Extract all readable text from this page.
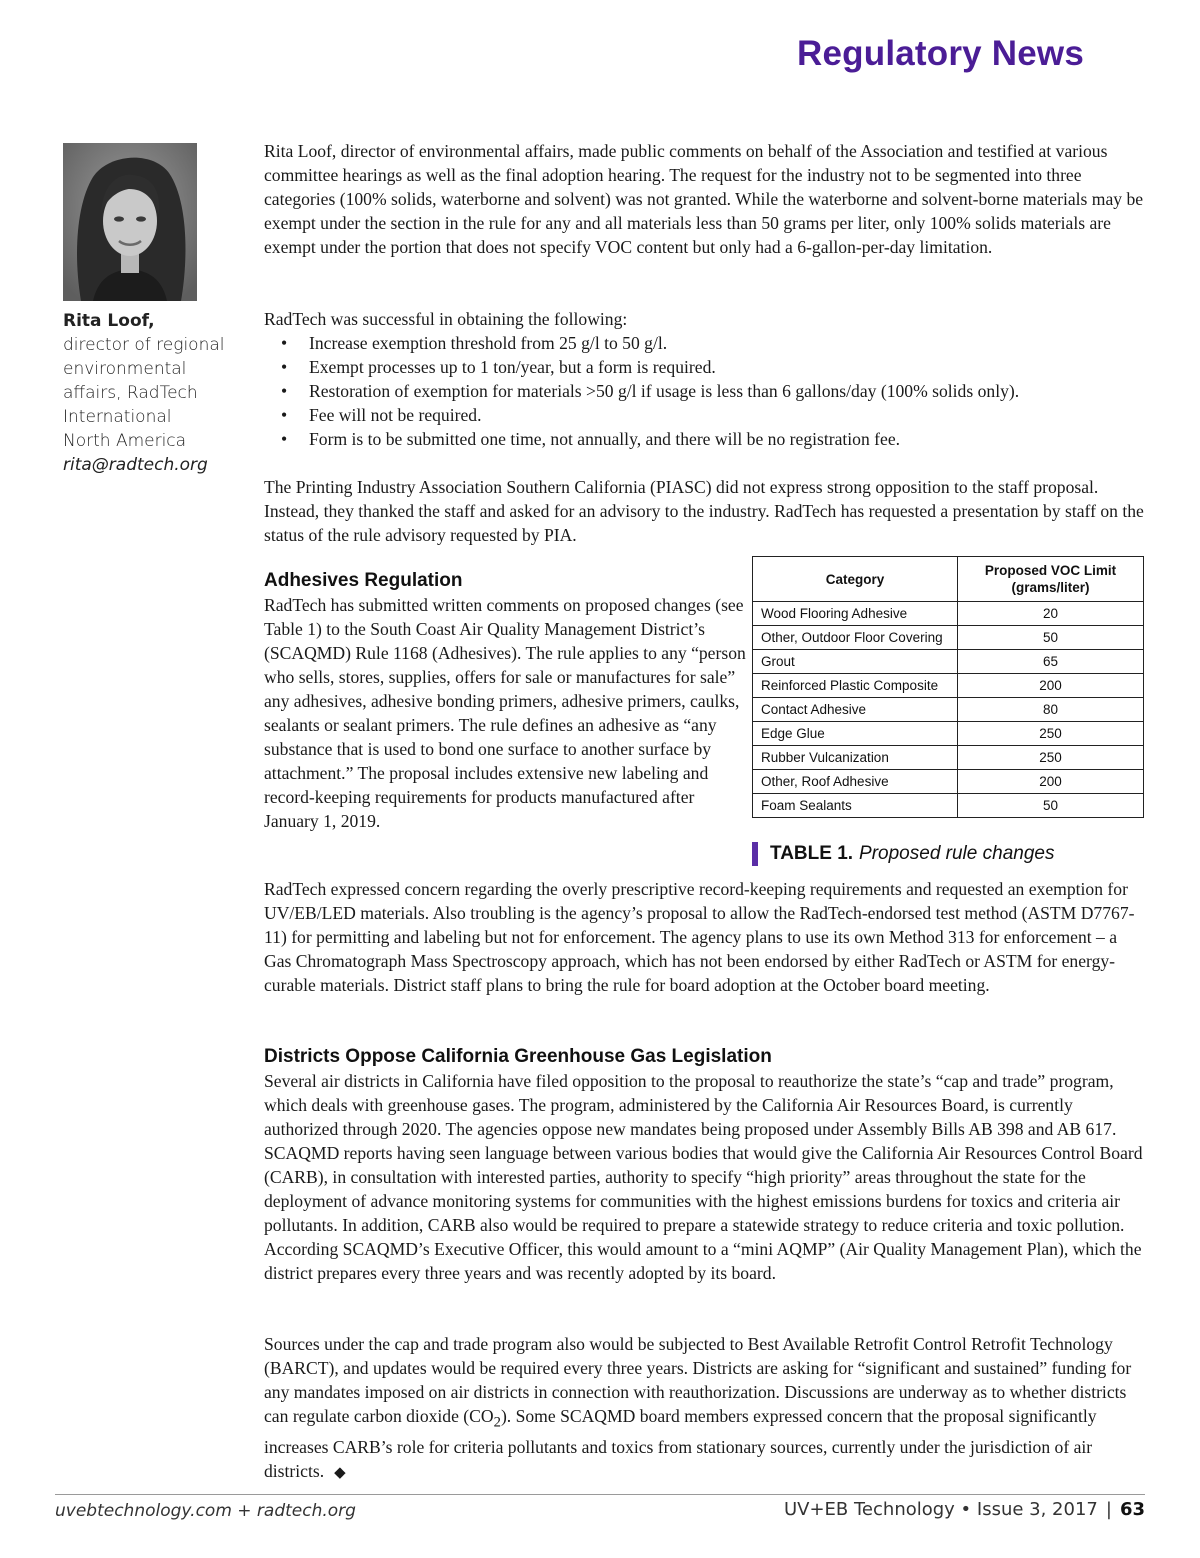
Regulatory News
Rita Loof,
director of regional
environmental
affairs, RadTech
International
North America
rita@radtech.org

Rita Loof, director of environmental affairs, made public comments on behalf of the Association and testified at various committee hearings as well as the final adoption hearing. The request for the industry not to be segmented into three categories (100% solids, waterborne and solvent) was not granted. While the waterborne and solvent-borne materials may be exempt under the section in the rule for any and all materials less than 50 grams per liter, only 100% solids materials are exempt under the portion that does not specify VOC content but only had a 6-gallon-per-day limitation.

RadTech was successful in obtaining the following:

• Increase exemption threshold from 25 g/l to 50 g/l.
• Exempt processes up to 1 ton/year, but a form is required.
• Restoration of exemption for materials >50 g/l if usage is less than 6 gallons/day (100% solids only).
• Fee will not be required.
• Form is to be submitted one time, not annually, and there will be no registration fee.

The Printing Industry Association Southern California (PIASC) did not express strong opposition to the staff proposal. Instead, they thanked the staff and asked for an advisory to the industry. RadTech has requested a presentation by staff on the status of the rule advisory requested by PIA.

Adhesives Regulation

RadTech has submitted written comments on proposed changes (see Table 1) to the South Coast Air Quality Management District’s (SCAQMD) Rule 1168 (Adhesives). The rule applies to any “person who sells, stores, supplies, offers for sale or manufactures for sale” any adhesives, adhesive bonding primers, adhesive primers, caulks, sealants or sealant primers. The rule defines an adhesive as “any substance that is used to bond one surface to another surface by attachment.” The proposal includes extensive new labeling and record-keeping requirements for products manufactured after January 1, 2019.

RadTech expressed concern regarding the overly prescriptive record-keeping requirements and requested an exemption for UV/EB/LED materials. Also troubling is the agency’s proposal to allow the RadTech-endorsed test method (ASTM D7767-11) for permitting and labeling but not for enforcement. The agency plans to use its own Method 313 for enforcement – a Gas Chromatograph Mass Spectroscopy approach, which has not been endorsed by either RadTech or ASTM for energy-curable materials. District staff plans to bring the rule for board adoption at the October board meeting.

Districts Oppose California Greenhouse Gas Legislation

Several air districts in California have filed opposition to the proposal to reauthorize the state’s “cap and trade” program, which deals with greenhouse gases. The program, administered by the California Air Resources Board, is currently authorized through 2020. The agencies oppose new mandates being proposed under Assembly Bills AB 398 and AB 617. SCAQMD reports having seen language between various bodies that would give the California Air Resources Control Board (CARB), in consultation with interested parties, authority to specify “high priority” areas throughout the state for the deployment of advance monitoring systems for communities with the highest emissions burdens for toxics and criteria air pollutants. In addition, CARB also would be required to prepare a statewide strategy to reduce criteria and toxic pollution. According SCAQMD’s Executive Officer, this would amount to a “mini AQMP” (Air Quality Management Plan), which the district prepares every three years and was recently adopted by its board.

Sources under the cap and trade program also would be subjected to Best Available Retrofit Control Retrofit Technology (BARCT), and updates would be required every three years. Districts are asking for “significant and sustained” funding for any mandates imposed on air districts in connection with reauthorization. Discussions are underway as to whether districts can regulate carbon dioxide $(CO_2)$. Some SCAQMD board members expressed concern that the proposal significantly increases CARB’s role for criteria pollutants and toxics from stationary sources, currently under the jurisdiction of air districts. ◆

Category	Proposed VOC Limit (grams/liter)
Wood Flooring Adhesive	20
Other, Outdoor Floor Covering	50
Grout	65
Reinforced Plastic Composite	200
Contact Adhesive	80
Edge Glue	250
Rubber Vulcanization	250
Other, Roof Adhesive	200
Foam Sealants	50
TABLE 1. Proposed rule changes
uvebtechnology.com + radtech.org	UV+EB Technology • Issue 3, 2017 | 63
